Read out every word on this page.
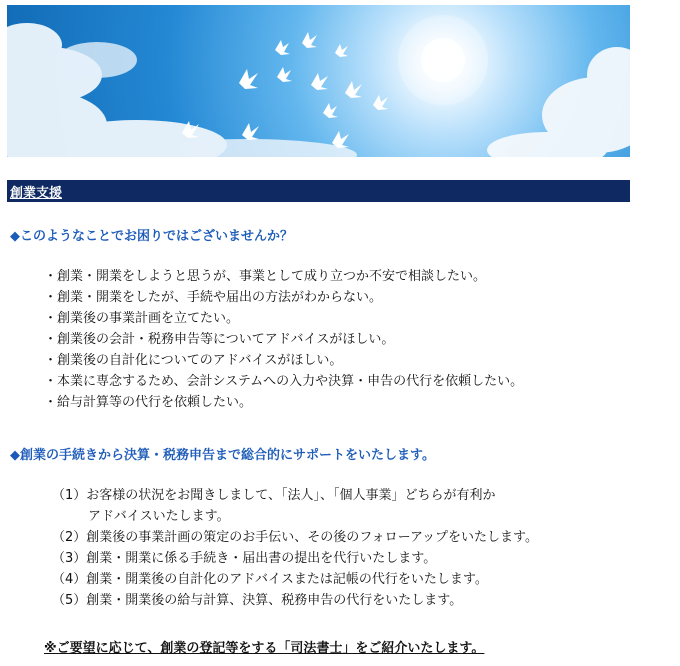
創業支援
◆このようなことでお困りではございませんか？
・創業・開業をしようと思うが、事業として成り立つか不安で相談したい。
・創業・開業をしたが、手続や届出の方法がわからない。
・創業後の事業計画を立てたい。
・創業後の会計・税務申告等についてアドバイスがほしい。
・創業後の自計化についてのアドバイスがほしい。
・本業に専念するため、会計システムへの入力や決算・申告の代行を依頼したい。
・給与計算等の代行を依頼したい。
◆創業の手続きから決算・税務申告まで総合的にサポートをいたします。
（1）お客様の状況をお聞きしまして、「法人」、「個人事業」どちらが有利か
アドバイスいたします。
（2）創業後の事業計画の策定のお手伝い、その後のフォローアップをいたします。
（3）創業・開業に係る手続き・届出書の提出を代行いたします。
（4）創業・開業後の自計化のアドバイスまたは記帳の代行をいたします。
（5）創業・開業後の給与計算、決算、税務申告の代行をいたします。
※ご要望に応じて、創業の登記等をする「司法書士」をご紹介いたします。
